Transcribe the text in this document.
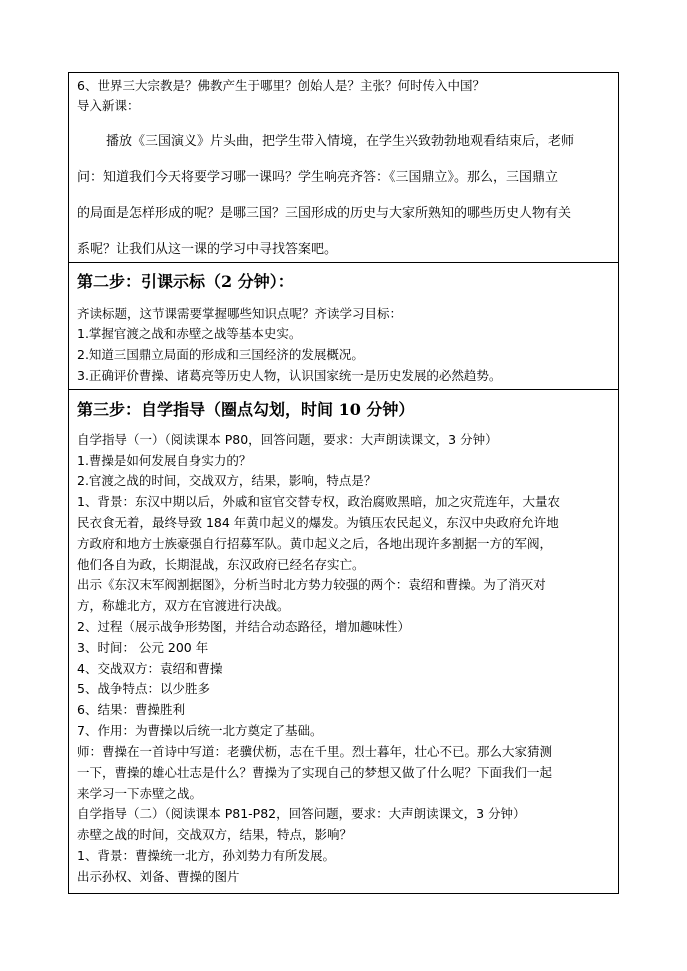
6、世界三大宗教是？佛教产生于哪里？创始人是？主张？何时传入中国？
导入新课：
播放《三国演义》片头曲，把学生带入情境，在学生兴致勃勃地观看结束后，老师
问：知道我们今天将要学习哪一课吗？学生响亮齐答：《三国鼎立》。那么，三国鼎立
的局面是怎样形成的呢？是哪三国？三国形成的历史与大家所熟知的哪些历史人物有关
系呢？让我们从这一课的学习中寻找答案吧。
第二步：引课示标（2 分钟）：
齐读标题，这节课需要掌握哪些知识点呢？齐读学习目标：
1.掌握官渡之战和赤壁之战等基本史实。
2.知道三国鼎立局面的形成和三国经济的发展概况。
3.正确评价曹操、诸葛亮等历史人物，认识国家统一是历史发展的必然趋势。
第三步：自学指导（圈点勾划，时间 10 分钟）
自学指导（一）（阅读课本 P80，回答问题，要求：大声朗读课文，3 分钟）
1.曹操是如何发展自身实力的？
2.官渡之战的时间，交战双方，结果，影响，特点是？
1、背景：东汉中期以后，外戚和宦官交替专权，政治腐败黑暗，加之灾荒连年，大量农
民衣食无着，最终导致 184 年黄巾起义的爆发。为镇压农民起义，东汉中央政府允许地
方政府和地方士族豪强自行招募军队。黄巾起义之后，各地出现许多割据一方的军阀，
他们各自为政，长期混战，东汉政府已经名存实亡。
出示《东汉末军阀割据图》，分析当时北方势力较强的两个：袁绍和曹操。为了消灭对
方，称雄北方，双方在官渡进行决战。
2、过程（展示战争形势图，并结合动态路径，增加趣味性）
3、时间： 公元 200 年
4、交战双方：袁绍和曹操
5、战争特点：以少胜多
6、结果：曹操胜利
7、作用：为曹操以后统一北方奠定了基础。
师：曹操在一首诗中写道：老骥伏枥，志在千里。烈士暮年，壮心不已。那么大家猜测
一下，曹操的雄心壮志是什么？曹操为了实现自己的梦想又做了什么呢？下面我们一起
来学习一下赤壁之战。
自学指导（二）（阅读课本 P81-P82，回答问题，要求：大声朗读课文，3 分钟）
赤壁之战的时间，交战双方，结果，特点，影响？
1、背景：曹操统一北方，孙刘势力有所发展。
出示孙权、刘备、曹操的图片
